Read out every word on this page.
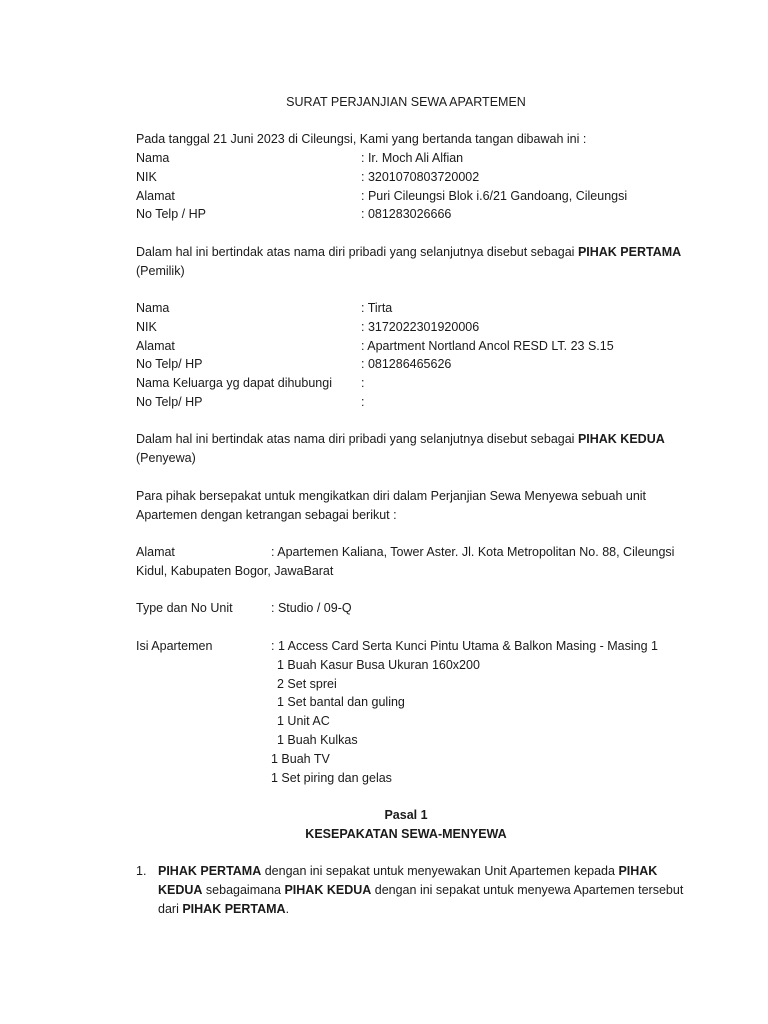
SURAT PERJANJIAN SEWA APARTEMEN
Pada tanggal 21 Juni 2023 di Cileungsi, Kami yang bertanda tangan dibawah ini :
Nama	: Ir. Moch Ali Alfian
NIK	: 3201070803720002
Alamat	: Puri Cileungsi Blok i.6/21 Gandoang, Cileungsi
No Telp / HP	: 081283026666
Dalam hal ini bertindak atas nama diri pribadi yang selanjutnya disebut sebagai PIHAK PERTAMA
(Pemilik)
Nama	: Tirta
NIK	: 3172022301920006
Alamat	: Apartment Nortland Ancol RESD LT. 23 S.15
No Telp/ HP	: 081286465626
Nama Keluarga yg dapat dihubungi :
No Telp/ HP	:
Dalam hal ini bertindak atas nama diri pribadi yang selanjutnya disebut sebagai PIHAK KEDUA
(Penyewa)
Para pihak bersepakat untuk mengikatkan diri dalam Perjanjian Sewa Menyewa sebuah unit
Apartemen dengan ketrangan sebagai berikut :
Alamat	: Apartemen Kaliana, Tower Aster. Jl. Kota Metropolitan No. 88, Cileungsi
Kidul, Kabupaten Bogor, JawaBarat
Type dan No Unit	: Studio / 09-Q
Isi Apartemen	: 1 Access Card Serta Kunci Pintu Utama & Balkon Masing - Masing 1
1 Buah Kasur Busa Ukuran 160x200
2 Set sprei
1 Set bantal dan guling
1 Unit AC
1 Buah Kulkas
1 Buah TV
1 Set piring dan gelas
Pasal 1
KESEPAKATAN SEWA-MENYEWA
1. PIHAK PERTAMA dengan ini sepakat untuk menyewakan Unit Apartemen kepada PIHAK
KEDUA sebagaimana PIHAK KEDUA dengan ini sepakat untuk menyewa Apartemen tersebut
dari PIHAK PERTAMA.
